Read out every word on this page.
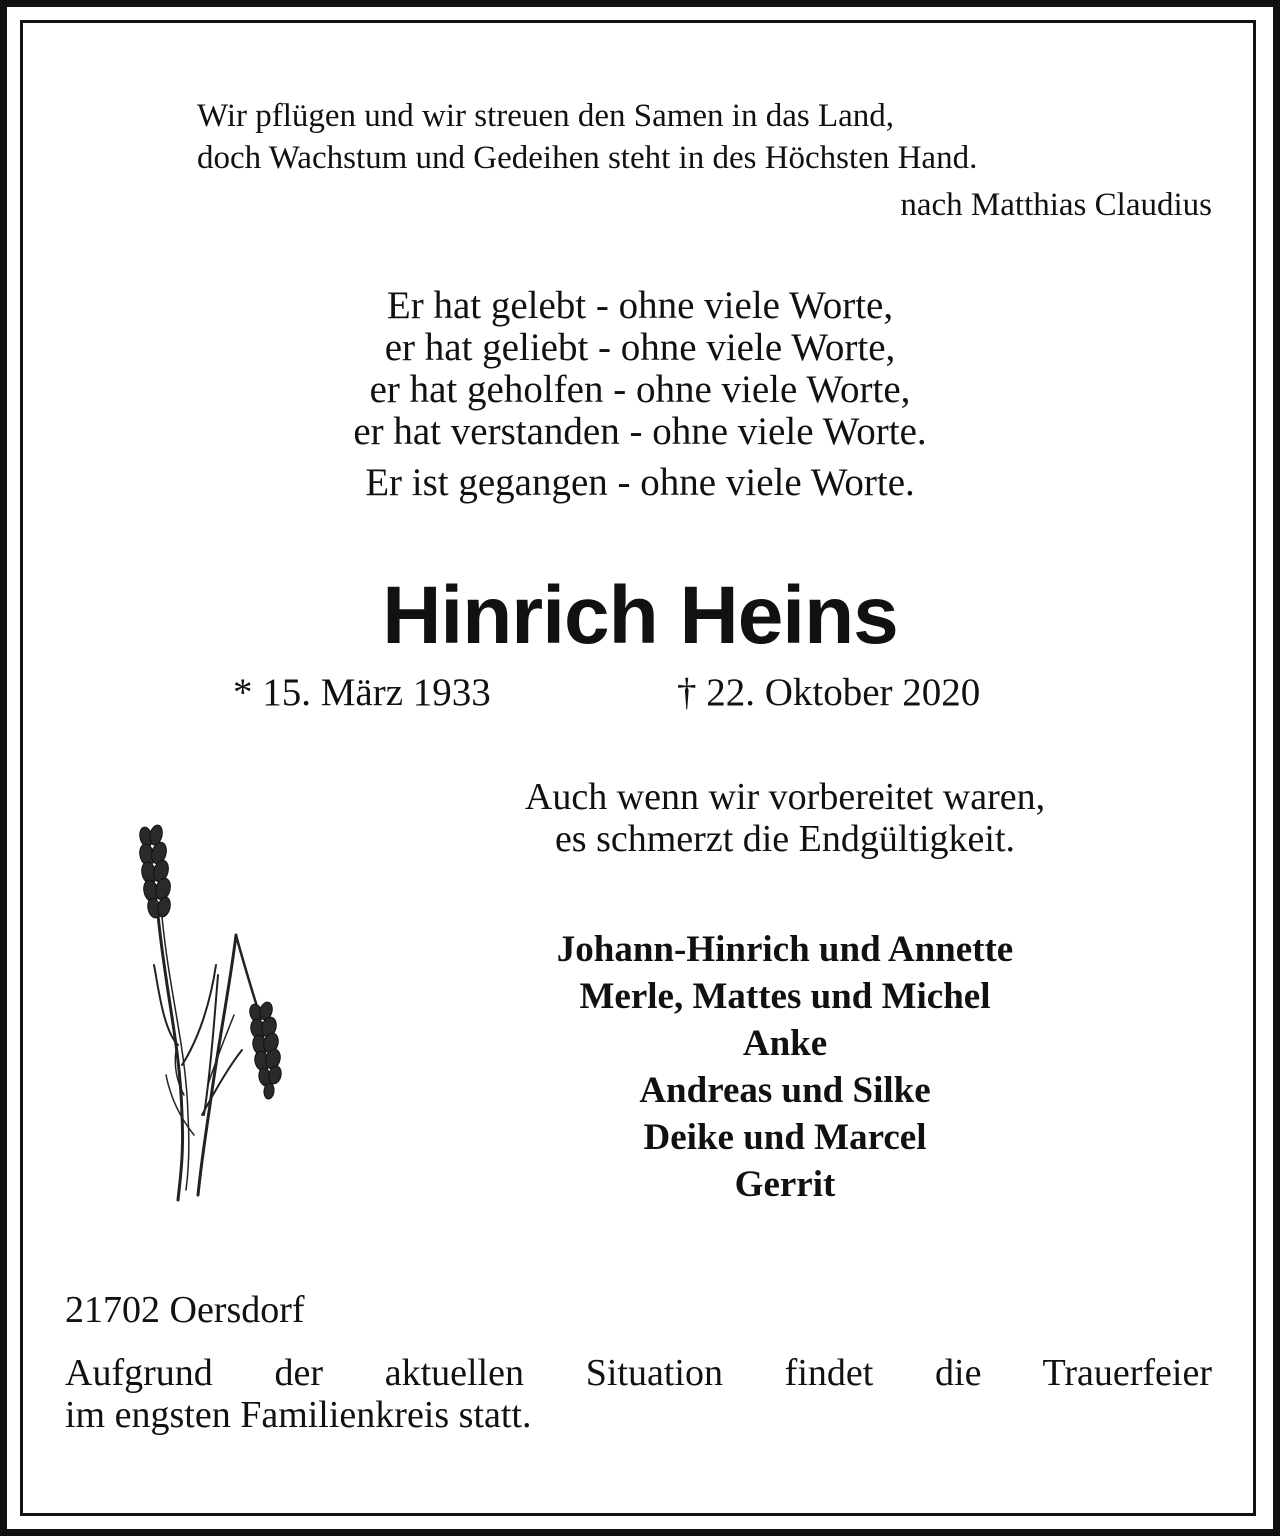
Wir pflügen und wir streuen den Samen in das Land,

doch Wachstum und Gedeihen steht in des Höchsten Hand.

nach Matthias Claudius

Er hat gelebt - ohne viele Worte,
er hat geliebt - ohne viele Worte,
er hat geholfen - ohne viele Worte,
er hat verstanden - ohne viele Worte.

Er ist gegangen - ohne viele Worte.

Hinrich Heins

* 15. März 1933	† 22. Oktober 2020

Auch wenn wir vorbereitet waren,
es schmerzt die Endgültigkeit.
Johann-Hinrich und Annette
Merle, Mattes und Michel
Anke
Andreas und Silke
Deike und Marcel
Gerrit

21702 Oersdorf

Aufgrund der aktuellen Situation findet die Trauerfeier
im engsten Familienkreis statt.
